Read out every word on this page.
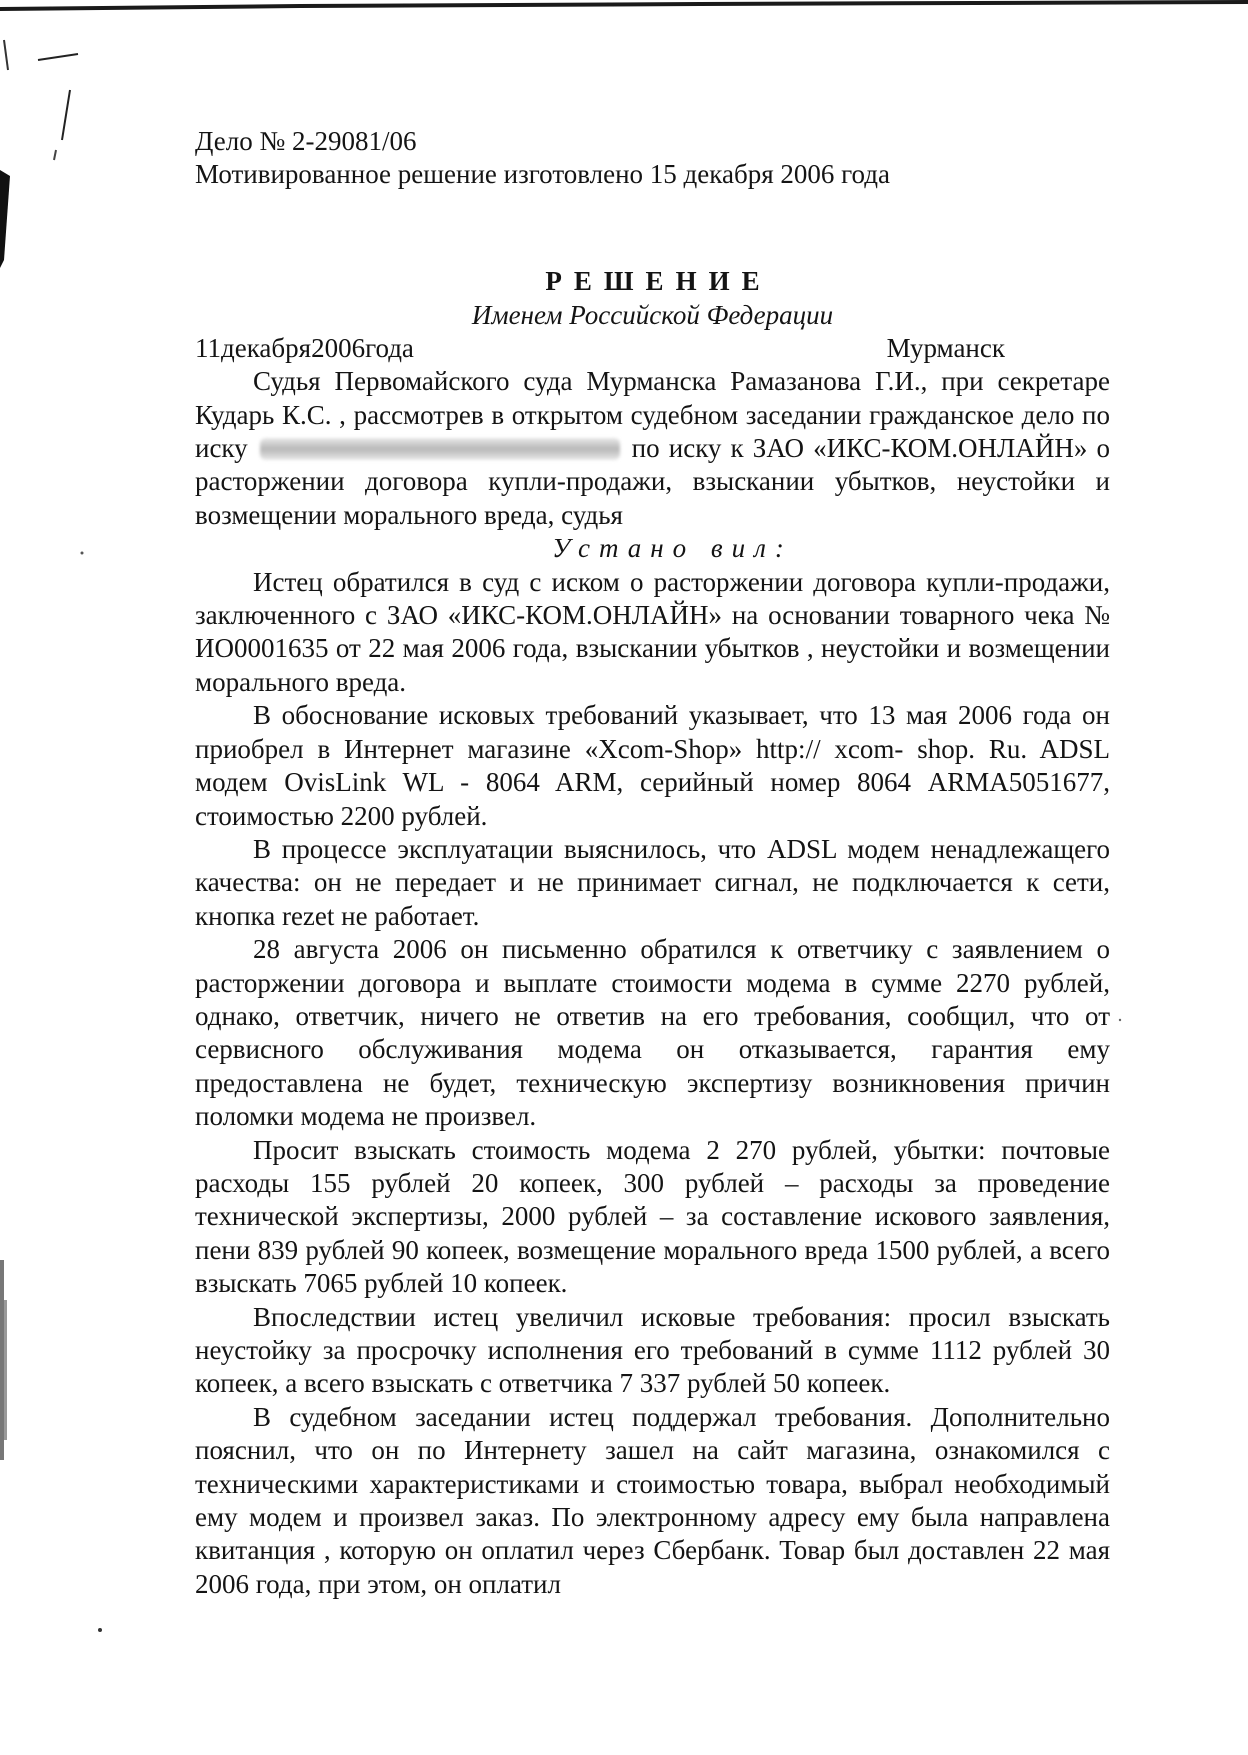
Дело № 2-29081/06
Мотивированное решение изготовлено 15 декабря 2006 года
РЕШЕНИЕ
Именем Российской Федерации
11декабря2006года	Мурманск
Судья Первомайского суда Мурманска Рамазанова Г.И., при секретаре Кударь К.С. , рассмотрев в открытом судебном заседании гражданское дело по иску	по иску к ЗАО «ИКС-КОМ.ОНЛАЙН» о расторжении договора купли-продажи, взыскании убытков, неустойки и возмещении морального вреда, судья
Устано вил:
Истец обратился в суд с иском о расторжении договора купли-продажи, заключенного с ЗАО «ИКС-КОМ.ОНЛАЙН» на основании товарного чека № ИО0001635 от 22 мая 2006 года, взыскании убытков , неустойки и возмещении морального вреда.
В обоснование исковых требований указывает, что 13 мая 2006 года он приобрел в Интернет магазине «Xcom-Shop» http:// xcom- shop. Ru. ADSL модем OvisLink WL - 8064 ARM, серийный номер 8064 ARMA5051677, стоимостью 2200 рублей.
В процессе эксплуатации выяснилось, что ADSL модем ненадлежащего качества: он не передает и не принимает сигнал, не подключается к сети, кнопка rezet не работает.
28 августа 2006 он письменно обратился к ответчику с заявлением о расторжении договора и выплате стоимости модема в сумме 2270 рублей, однако, ответчик, ничего не ответив на его требования, сообщил, что от сервисного обслуживания модема он отказывается, гарантия ему предоставлена не будет, техническую экспертизу возникновения причин поломки модема не произвел.
Просит взыскать стоимость модема 2 270 рублей, убытки: почтовые расходы 155 рублей 20 копеек, 300 рублей – расходы за проведение технической экспертизы, 2000 рублей – за составление искового заявления, пени 839 рублей 90 копеек, возмещение морального вреда 1500 рублей, а всего взыскать 7065 рублей 10 копеек.
Впоследствии истец увеличил исковые требования: просил взыскать неустойку за просрочку исполнения его требований в сумме 1112 рублей 30 копеек, а всего взыскать с ответчика 7 337 рублей 50 копеек.
В судебном заседании истец поддержал требования. Дополнительно пояснил, что он по Интернету зашел на сайт магазина, ознакомился с техническими характеристиками и стоимостью товара, выбрал необходимый ему модем и произвел заказ. По электронному адресу ему была направлена квитанция , которую он оплатил через Сбербанк. Товар был доставлен 22 мая 2006 года, при этом, он оплатил
